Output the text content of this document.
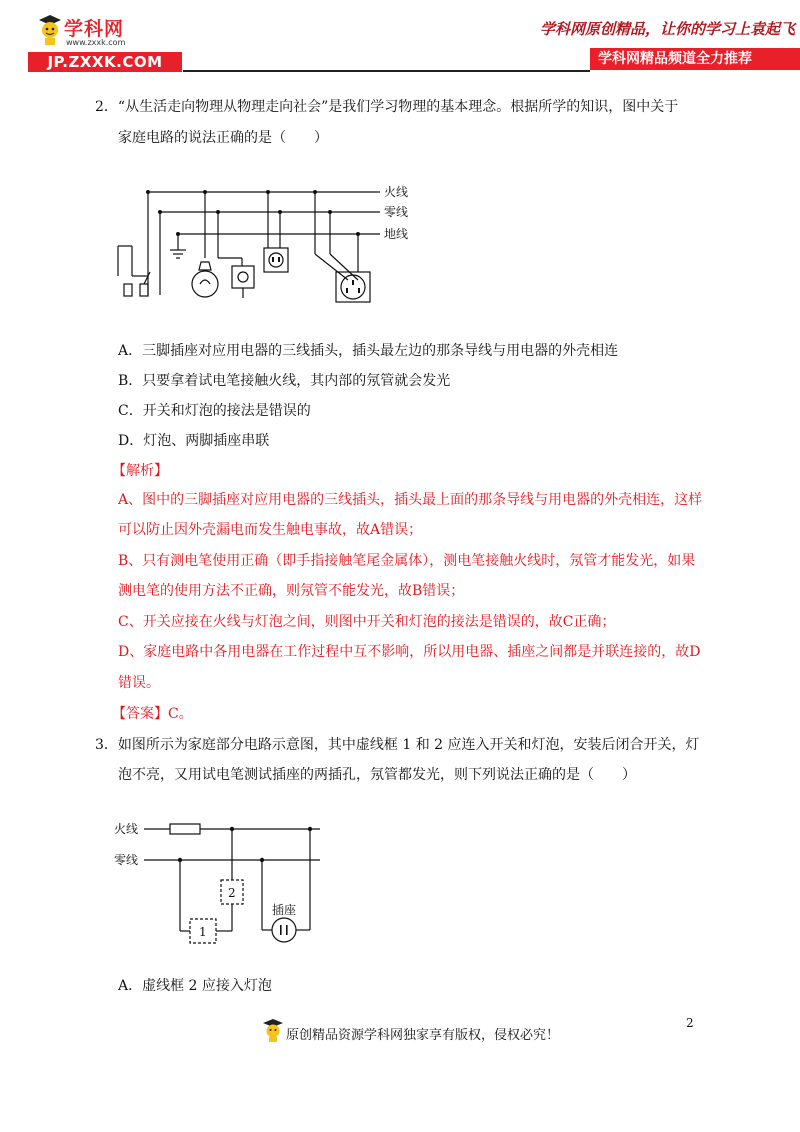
学科网
www.zxxk.com
JP.ZXXK.COM
学科网原创精品，让你的学习上袁起飞
学科网精品频道全力推荐
2．“从生活走向物理从物理走向社会”是我们学习物理的基本理念。根据所学的知识，图中关于
家庭电路的说法正确的是（　　）
火线
零线
地线
A．三脚插座对应用电器的三线插头，插头最左边的那条导线与用电器的外壳相连
B．只要拿着试电笔接触火线，其内部的氖管就会发光
C．开关和灯泡的接法是错误的
D．灯泡、两脚插座串联
【解析】
A、图中的三脚插座对应用电器的三线插头，插头最上面的那条导线与用电器的外壳相连，这样
可以防止因外壳漏电而发生触电事故，故A错误；
B、只有测电笔使用正确（即手指接触笔尾金属体），测电笔接触火线时，氖管才能发光，如果
测电笔的使用方法不正确，则氖管不能发光，故B错误；
C、开关应接在火线与灯泡之间，则图中开关和灯泡的接法是错误的，故C正确；
D、家庭电路中各用电器在工作过程中互不影响，所以用电器、插座之间都是并联连接的，故D
错误。
【答案】C。
3．如图所示为家庭部分电路示意图，其中虚线框 1 和 2 应连入开关和灯泡，安装后闭合开关，灯
泡不亮，又用试电笔测试插座的两插孔，氖管都发光，则下列说法正确的是（　　）
火线
零线
2
1
插座
A．虚线框 2 应接入灯泡
2
原创精品资源学科网独家享有版权，侵权必究！
